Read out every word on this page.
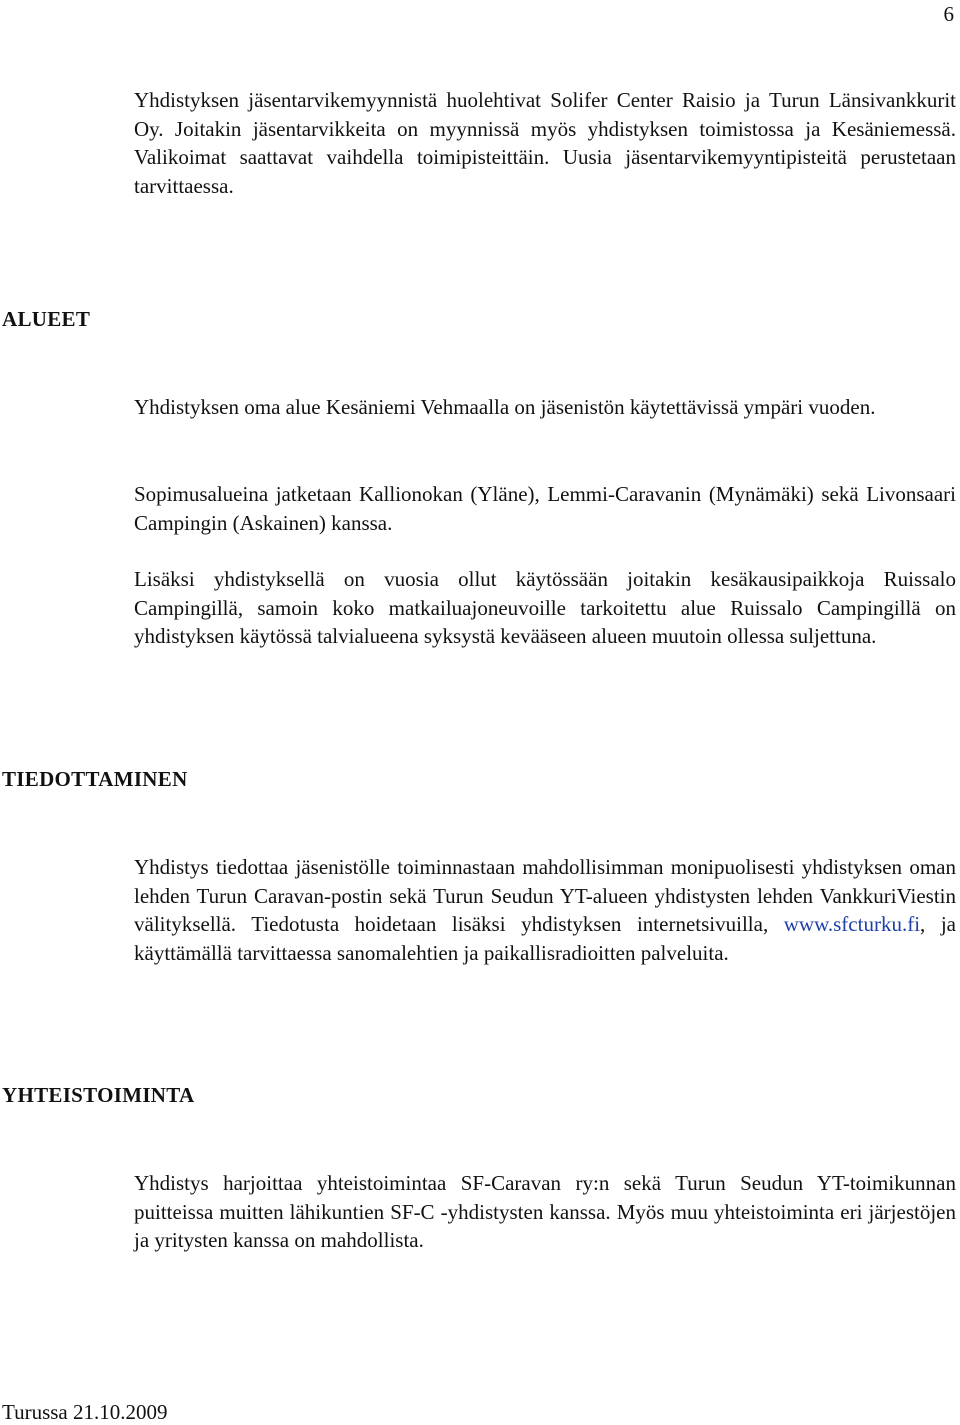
6

Yhdistyksen jäsentarvikemyynnistä huolehtivat Solifer Center Raisio ja Turun Länsivankkurit Oy. Joitakin jäsentarvikkeita on myynnissä myös yhdistyksen toimistossa ja Kesäniemessä. Valikoimat saattavat vaihdella toimipisteittäin. Uusia jäsentarvikemyyntipisteitä perustetaan tarvittaessa.

ALUEET

Yhdistyksen oma alue Kesäniemi Vehmaalla on jäsenistön käytettävissä ympäri vuoden.

Sopimusalueina jatketaan Kallionokan (Yläne), Lemmi-Caravanin (Mynämäki) sekä Livonsaari Campingin (Askainen) kanssa.

Lisäksi yhdistyksellä on vuosia ollut käytössään joitakin kesäkausipaikkoja Ruissalo Campingillä, samoin koko matkailuajoneuvoille tarkoitettu alue Ruissalo Campingillä on yhdistyksen käytössä talvialueena syksystä kevääseen alueen muutoin ollessa suljettuna.

TIEDOTTAMINEN

Yhdistys tiedottaa jäsenistölle toiminnastaan mahdollisimman monipuolisesti yhdistyksen oman lehden Turun Caravan-postin sekä Turun Seudun YT-alueen yhdistysten lehden VankkuriViestin välityksellä. Tiedotusta hoidetaan lisäksi yhdistyksen internetsivuilla, www.sfcturku.fi, ja käyttämällä tarvittaessa sanomalehtien ja paikallisradioitten palveluita.

YHTEISTOIMINTA

Yhdistys harjoittaa yhteistoimintaa SF-Caravan ry:n sekä Turun Seudun YT-toimikunnan puitteissa muitten lähikuntien SF-C -yhdistysten kanssa. Myös muu yhteistoiminta eri järjestöjen ja yritysten kanssa on mahdollista.

Turussa 21.10.2009
